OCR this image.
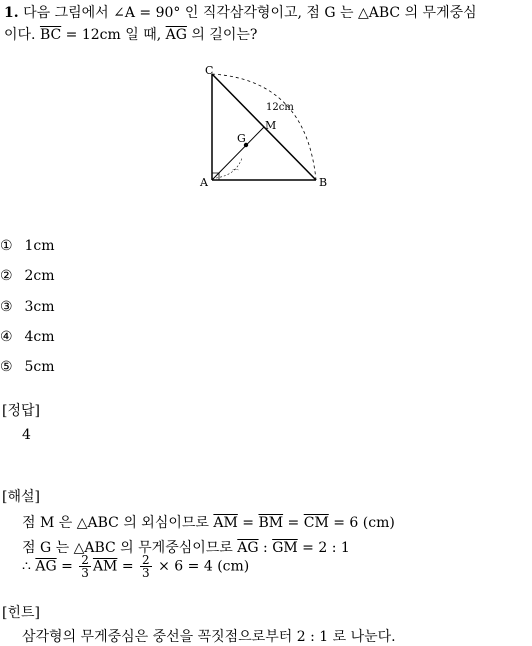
1. 다음 그림에서 ∠A = 90° 인 직각삼각형이고, 점 G 는 △ABC 의 무게중심
이다. $\overline{BC} = 12cm$ 일 때, $\overline{AG}$ 의 길이는?
C
A	B
G
M
12cm
⌒
① 1cm
② 2cm
③ 3cm
④ 4cm
⑤ 5cm
[정답]
4
[해설]
점 M 은 △ABC 의 외심이므로 $\overline{AM} = \overline{BM} = \overline{CM} = 6$ (cm)
점 G 는 △ABC 의 무게중심이므로 $\overline{AG}$ : $\overline{GM} = 2$ : 1
∴ $\overline{AG} = \frac{2}{3} \overline{AM} = \frac{2}{3} \times 6 = 4$ (cm)
[힌트]
삼각형의 무게중심은 중선을 꼭짓점으로부터 2 : 1 로 나눈다.
